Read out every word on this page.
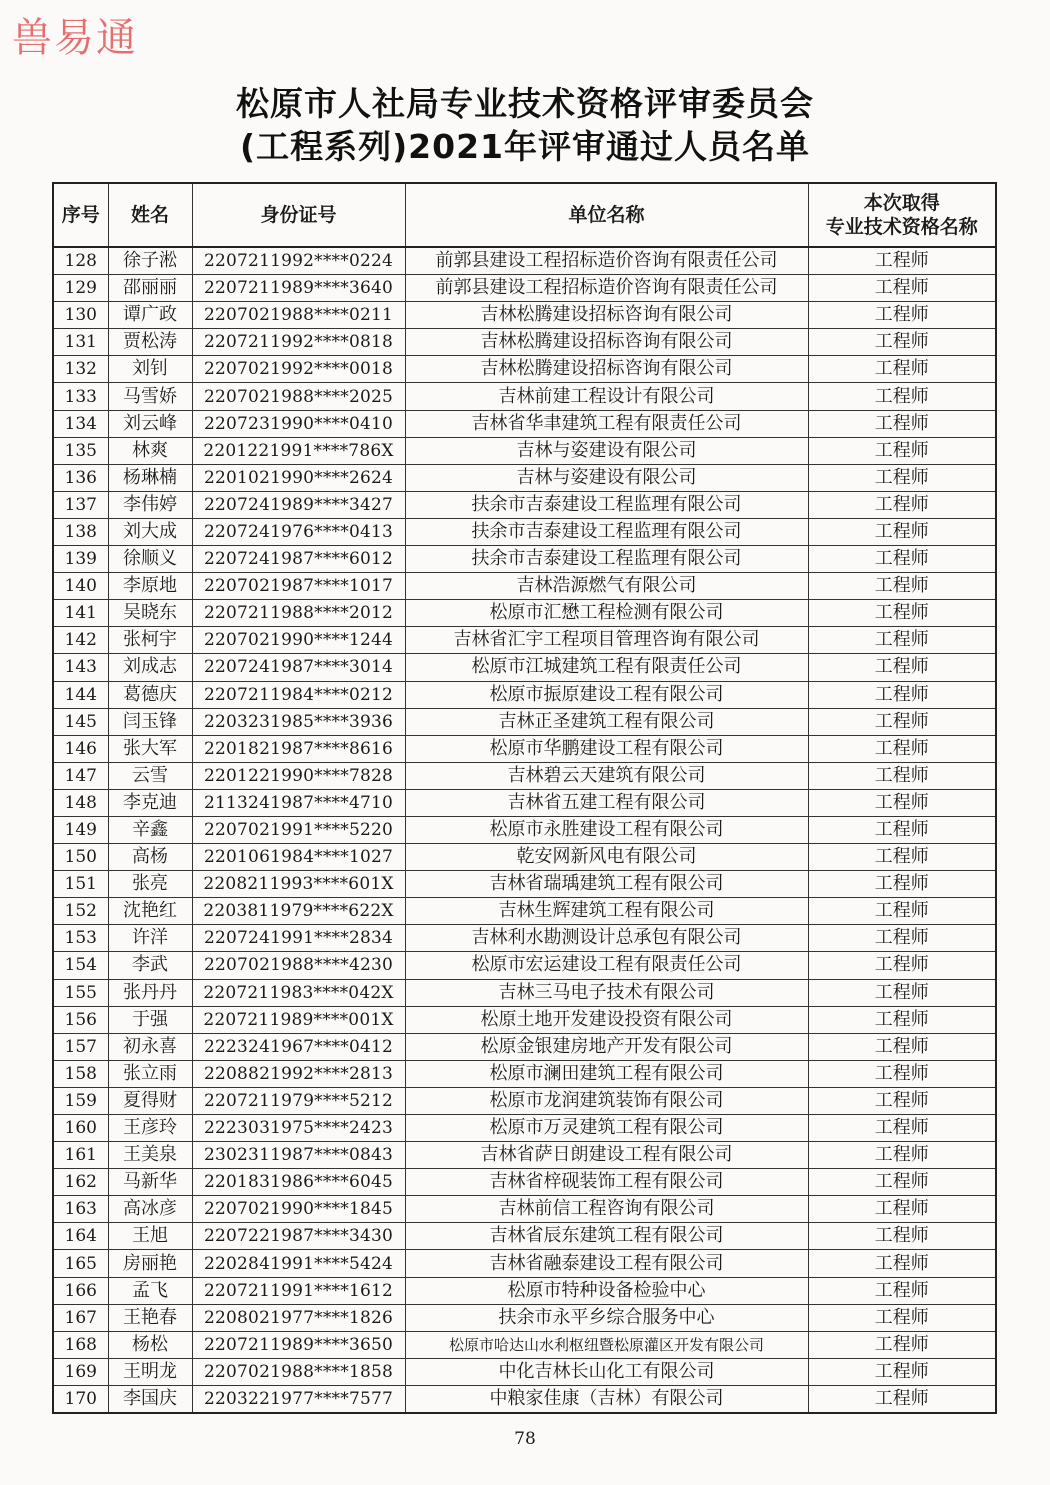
兽易通
松原市人社局专业技术资格评审委员会
(工程系列)2021年评审通过人员名单
序号	姓名	身份证号	单位名称	本次取得
专业技术资格名称

128	徐子淞	2207211992****0224	前郭县建设工程招标造价咨询有限责任公司	工程师
129	邵丽丽	2207211989****3640	前郭县建设工程招标造价咨询有限责任公司	工程师
130	谭广政	2207021988****0211	吉林松腾建设招标咨询有限公司	工程师
131	贾松涛	2207211992****0818	吉林松腾建设招标咨询有限公司	工程师
132	刘钊	2207021992****0018	吉林松腾建设招标咨询有限公司	工程师
133	马雪娇	2207021988****2025	吉林前建工程设计有限公司	工程师
134	刘云峰	2207231990****0410	吉林省华聿建筑工程有限责任公司	工程师
135	林爽	2201221991****786X	吉林与姿建设有限公司	工程师
136	杨琳楠	2201021990****2624	吉林与姿建设有限公司	工程师
137	李伟婷	2207241989****3427	扶余市吉泰建设工程监理有限公司	工程师
138	刘大成	2207241976****0413	扶余市吉泰建设工程监理有限公司	工程师
139	徐顺义	2207241987****6012	扶余市吉泰建设工程监理有限公司	工程师
140	李原地	2207021987****1017	吉林浩源燃气有限公司	工程师
141	吴晓东	2207211988****2012	松原市汇懋工程检测有限公司	工程师
142	张柯宇	2207021990****1244	吉林省汇宇工程项目管理咨询有限公司	工程师
143	刘成志	2207241987****3014	松原市江城建筑工程有限责任公司	工程师
144	葛德庆	2207211984****0212	松原市振原建设工程有限公司	工程师
145	闫玉锋	2203231985****3936	吉林正圣建筑工程有限公司	工程师
146	张大军	2201821987****8616	松原市华鹏建设工程有限公司	工程师
147	云雪	2201221990****7828	吉林碧云天建筑有限公司	工程师
148	李克迪	2113241987****4710	吉林省五建工程有限公司	工程师
149	辛鑫	2207021991****5220	松原市永胜建设工程有限公司	工程师
150	高杨	2201061984****1027	乾安网新风电有限公司	工程师
151	张亮	2208211993****601X	吉林省瑞瑀建筑工程有限公司	工程师
152	沈艳红	2203811979****622X	吉林生辉建筑工程有限公司	工程师
153	许洋	2207241991****2834	吉林利水勘测设计总承包有限公司	工程师
154	李武	2207021988****4230	松原市宏运建设工程有限责任公司	工程师
155	张丹丹	2207211983****042X	吉林三马电子技术有限公司	工程师
156	于强	2207211989****001X	松原土地开发建设投资有限公司	工程师
157	初永喜	2223241967****0412	松原金银建房地产开发有限公司	工程师
158	张立雨	2208821992****2813	松原市澜田建筑工程有限公司	工程师
159	夏得财	2207211979****5212	松原市龙润建筑装饰有限公司	工程师
160	王彦玲	2223031975****2423	松原市万灵建筑工程有限公司	工程师
161	王美泉	2302311987****0843	吉林省萨日朗建设工程有限公司	工程师
162	马新华	2201831986****6045	吉林省梓砚装饰工程有限公司	工程师
163	高冰彦	2207021990****1845	吉林前信工程咨询有限公司	工程师
164	王旭	2207221987****3430	吉林省辰东建筑工程有限公司	工程师
165	房丽艳	2202841991****5424	吉林省融泰建设工程有限公司	工程师
166	孟飞	2207211991****1612	松原市特种设备检验中心	工程师
167	王艳春	2208021977****1826	扶余市永平乡综合服务中心	工程师
168	杨松	2207211989****3650	松原市哈达山水利枢纽暨松原灌区开发有限公司	工程师
169	王明龙	2207021988****1858	中化吉林长山化工有限公司	工程师
170	李国庆	2203221977****7577	中粮家佳康（吉林）有限公司	工程师
78
